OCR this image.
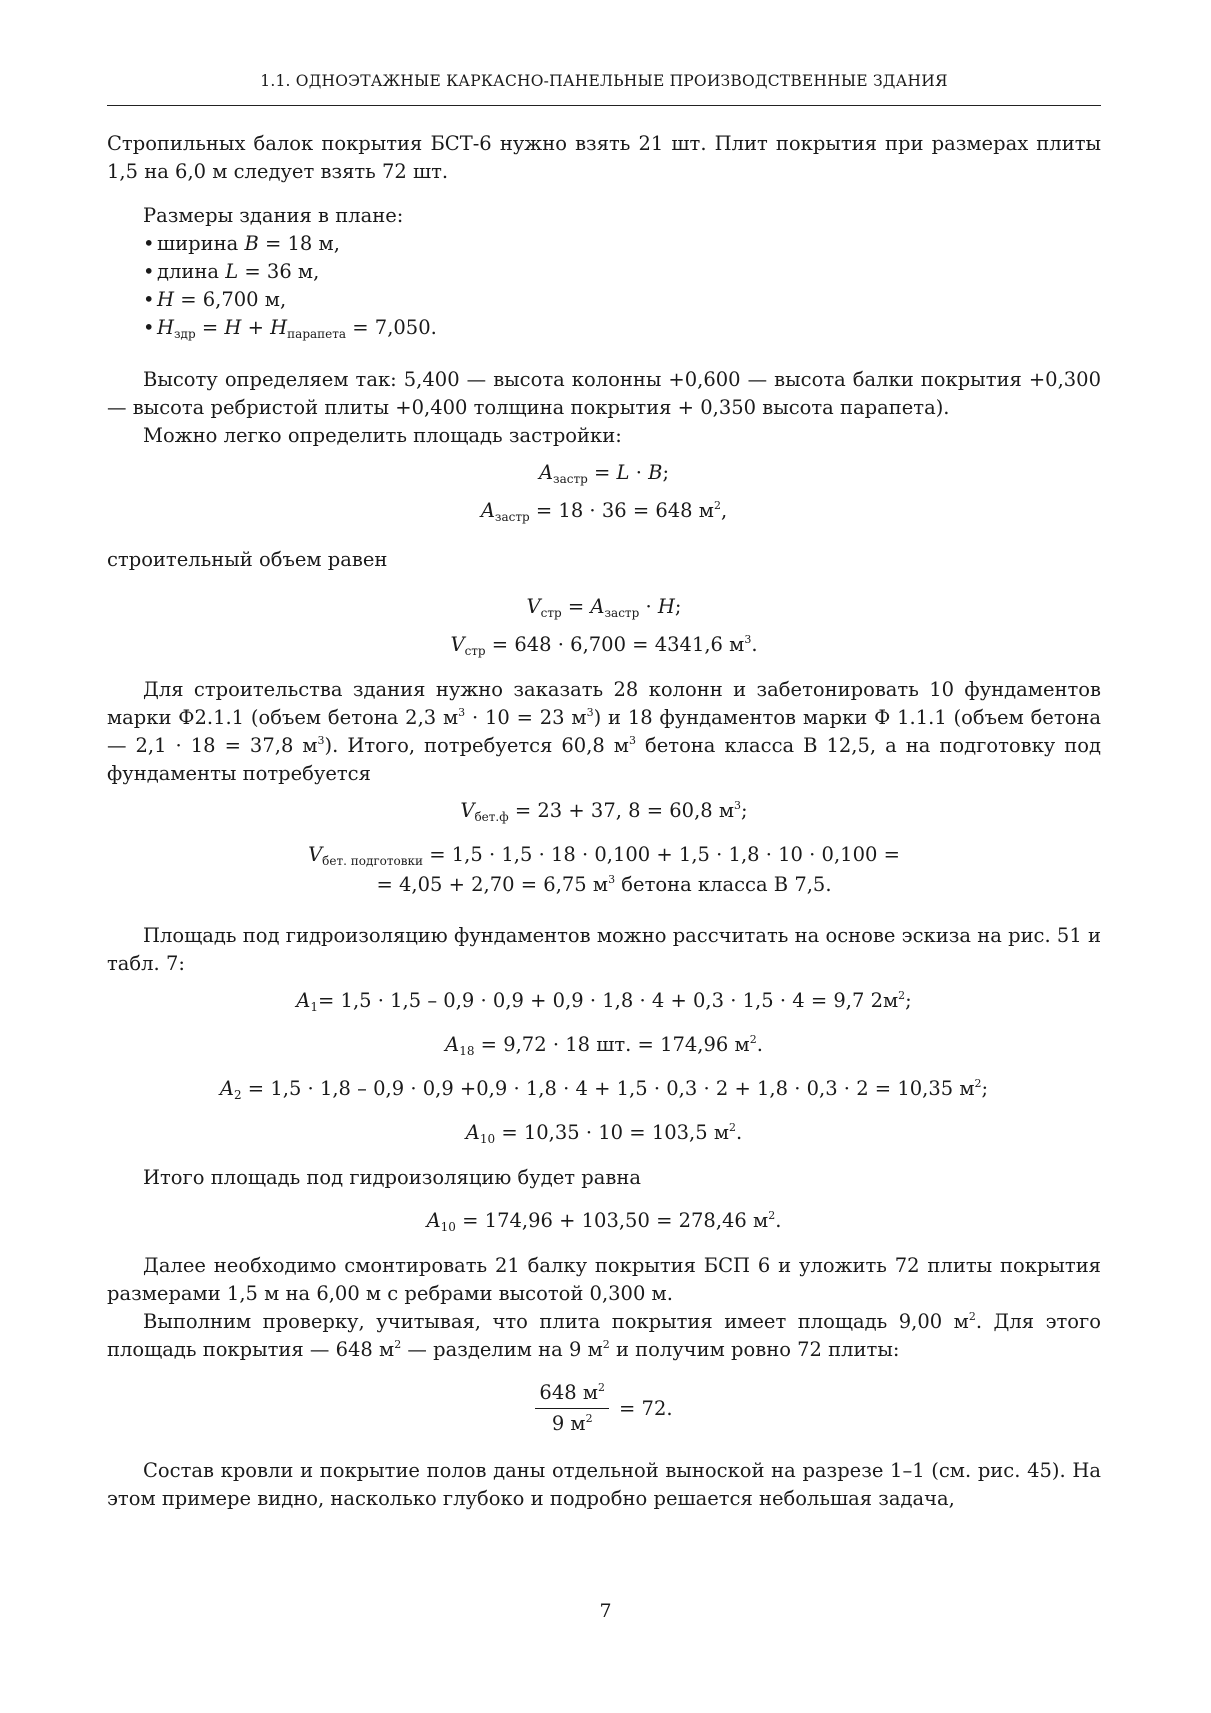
1.1. ОДНОЭТАЖНЫЕ КАРКАСНО-ПАНЕЛЬНЫЕ ПРОИЗВОДСТВЕННЫЕ ЗДАНИЯ

Стропильных балок покрытия БСТ-6 нужно взять 21 шт. Плит покрытия при размерах плиты 1,5 на 6,0 м следует взять 72 шт.

Размеры здания в плане:

• ширина B = 18 м,
• длина L = 36 м,
• H = 6,700 м,
• $H_{здр} = H + H_{парапета} = 7,050$.

Высоту определяем так: 5,400 — высота колонны +0,600 — высота балки покрытия +0,300 — высота ребристой плиты +0,400 толщина покрытия + 0,350 высота парапета).

Можно легко определить площадь застройки:

$A_{застр} = L \cdot B$;
$A_{застр} = 18 \cdot 36 = 648$ $м^2$,

строительный объем равен

$V_{стр} = A_{застр} \cdot H$;
$V_{стр} = 648 \cdot 6,700 = 4341,6$ $м^3$.

Для строительства здания нужно заказать 28 колонн и забетонировать 10 фундаментов марки Ф2.1.1 (объем бетона 2,3 $м^3 \cdot 10 = 23$ $м^3$) и 18 фундаментов марки Ф 1.1.1 (объем бетона — 2,1 · 18 = 37,8 $м^3$). Итого, потребуется 60,8 $м^3$ бетона класса В 12,5, а на подготовку под фундаменты потребуется

$V_{бет.ф} = 23 + 37$, 8 = 60,8 $м^3$;
$V_{бет. подготовки} = 1,5 \cdot 1,5 \cdot 18 \cdot 0,100 + 1,5 \cdot 1,8 \cdot 10 \cdot 0,100$ =
= 4,05 + 2,70 = 6,75 $м^3$ бетона класса В 7,5.

Площадь под гидроизоляцию фундаментов можно рассчитать на основе эскиза на рис. 51 и табл. 7:

$A_1= 1,5 \cdot 1,5 - 0,9 \cdot 0,9 + 0,9 \cdot 1,8 \cdot 4 + 0,3 \cdot 1,5 \cdot 4 = 9,7$ $2м^2$;
$A_{18} = 9,72 \cdot 18$ шт. = 174,96 $м^2$.
$A_2 = 1,5 \cdot 1,8 - 0,9 \cdot 0,9 +0,9 \cdot 1,8 \cdot 4 + 1,5 \cdot 0,3 \cdot 2 + 1,8 \cdot 0,3 \cdot 2 = 10,35$ $м^2$;
$A_{10} = 10,35 \cdot 10 = 103,5$ $м^2$.

Итого площадь под гидроизоляцию будет равна

$A_{10} = 174,96 + 103,50 = 278,46$ $м^2$.

Далее необходимо смонтировать 21 балку покрытия БСП 6 и уложить 72 плиты покрытия размерами 1,5 м на 6,00 м с ребрами высотой 0,300 м.

Выполним проверку, учитывая, что плита покрытия имеет площадь 9,00 $м^2$. Для этого площадь покрытия — 648 $м^2$ — разделим на 9 $м^2$ и получим ровно 72 плиты:

$\frac{648 м^2}{9 м^2} = 72$.

Состав кровли и покрытие полов даны отдельной выноской на разрезе 1–1 (см. рис. 45). На этом примере видно, насколько глубоко и подробно решается небольшая задача,

7
